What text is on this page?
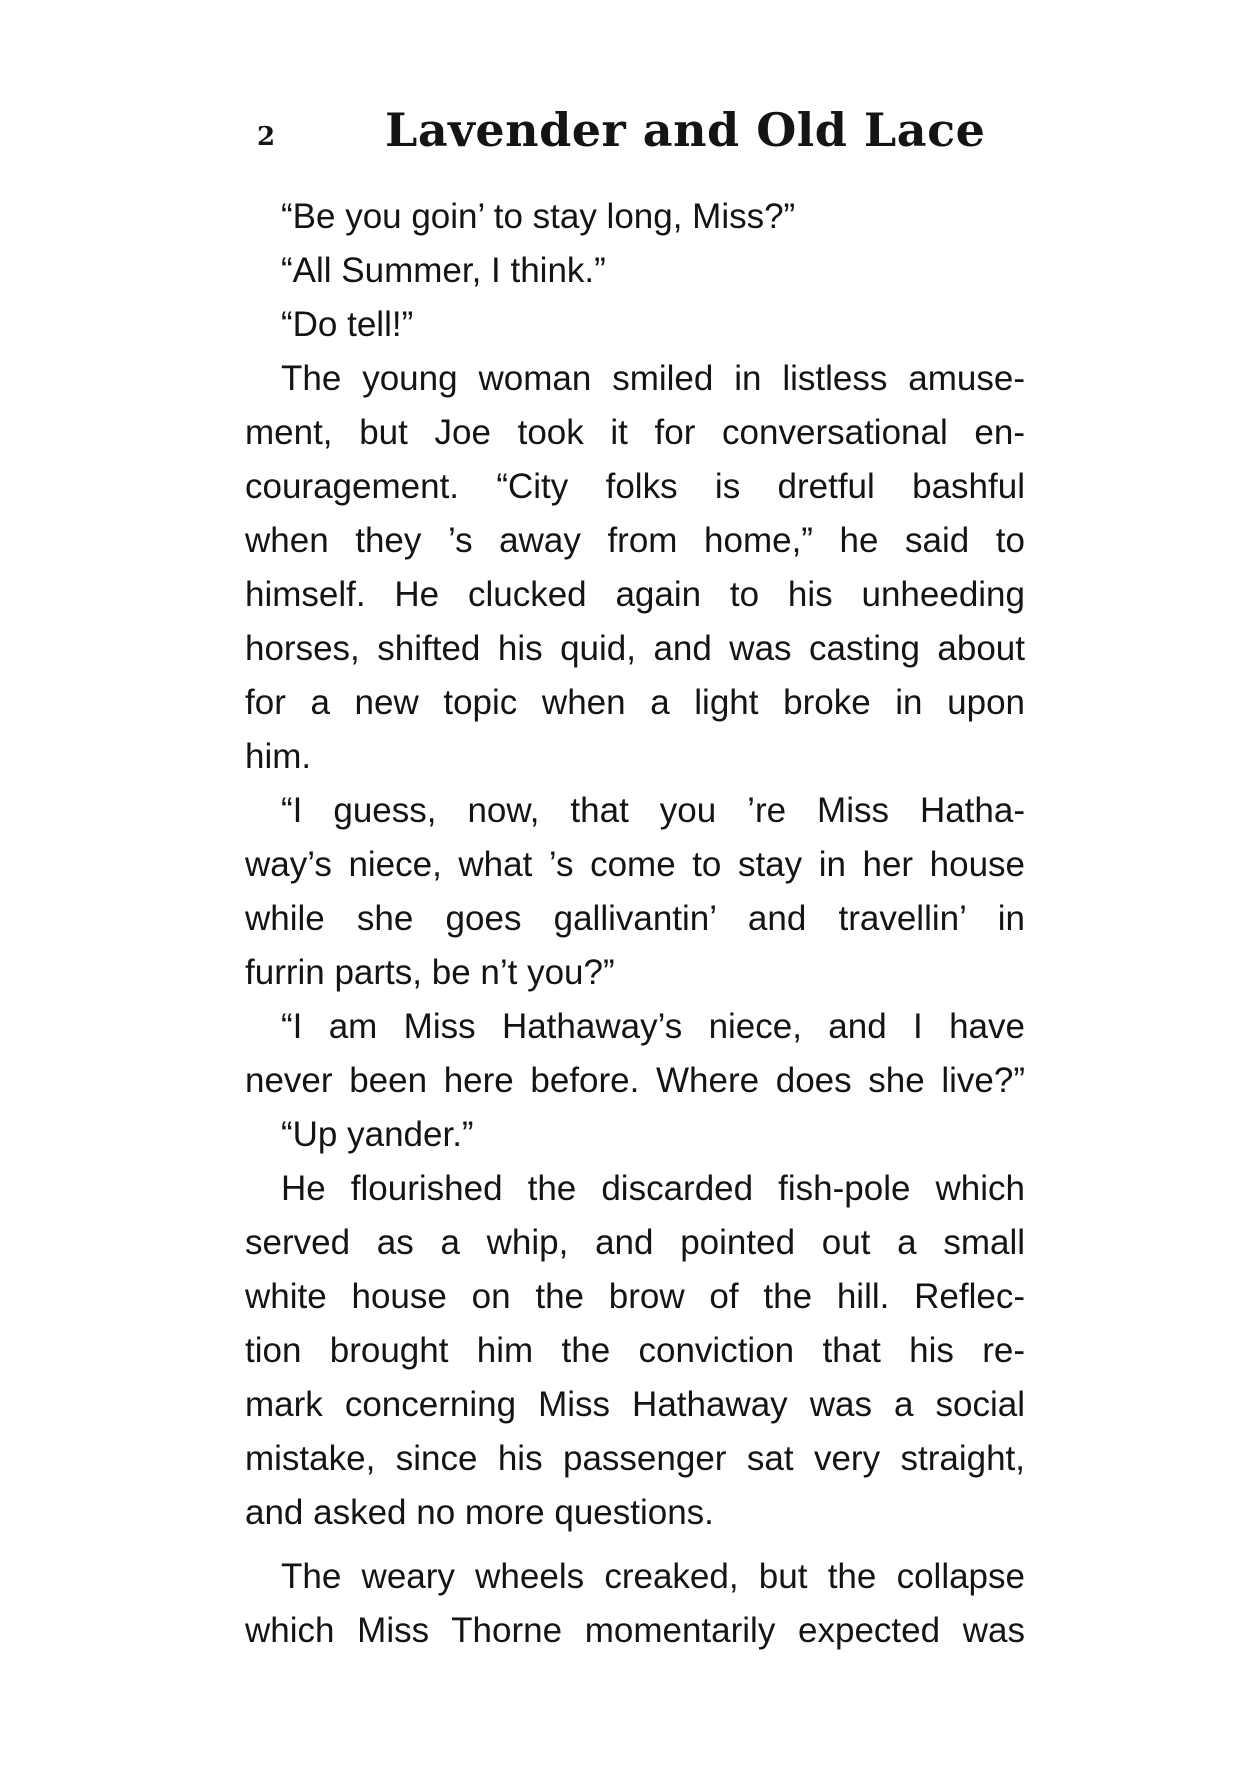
2 Lavender and Old Lace
“Be you goin’ to stay long, Miss?”
“All Summer, I think.”
“Do tell!”
The young woman smiled in listless amuse-
ment, but Joe took it for conversational en-
couragement. “City folks is dretful bashful
when they ’s away from home,” he said to
himself. He clucked again to his unheeding
horses, shifted his quid, and was casting about
for a new topic when a light broke in upon
him.
“I guess, now, that you ’re Miss Hatha-
way’s niece, what ’s come to stay in her house
while she goes gallivantin’ and travellin’ in
furrin parts, be n’t you?”
“I am Miss Hathaway’s niece, and I have
never been here before. Where does she live?”
“Up yander.”
He flourished the discarded fish-pole which
served as a whip, and pointed out a small
white house on the brow of the hill. Reflec-
tion brought him the conviction that his re-
mark concerning Miss Hathaway was a social
mistake, since his passenger sat very straight,
and asked no more questions.
The weary wheels creaked, but the collapse
which Miss Thorne momentarily expected was
